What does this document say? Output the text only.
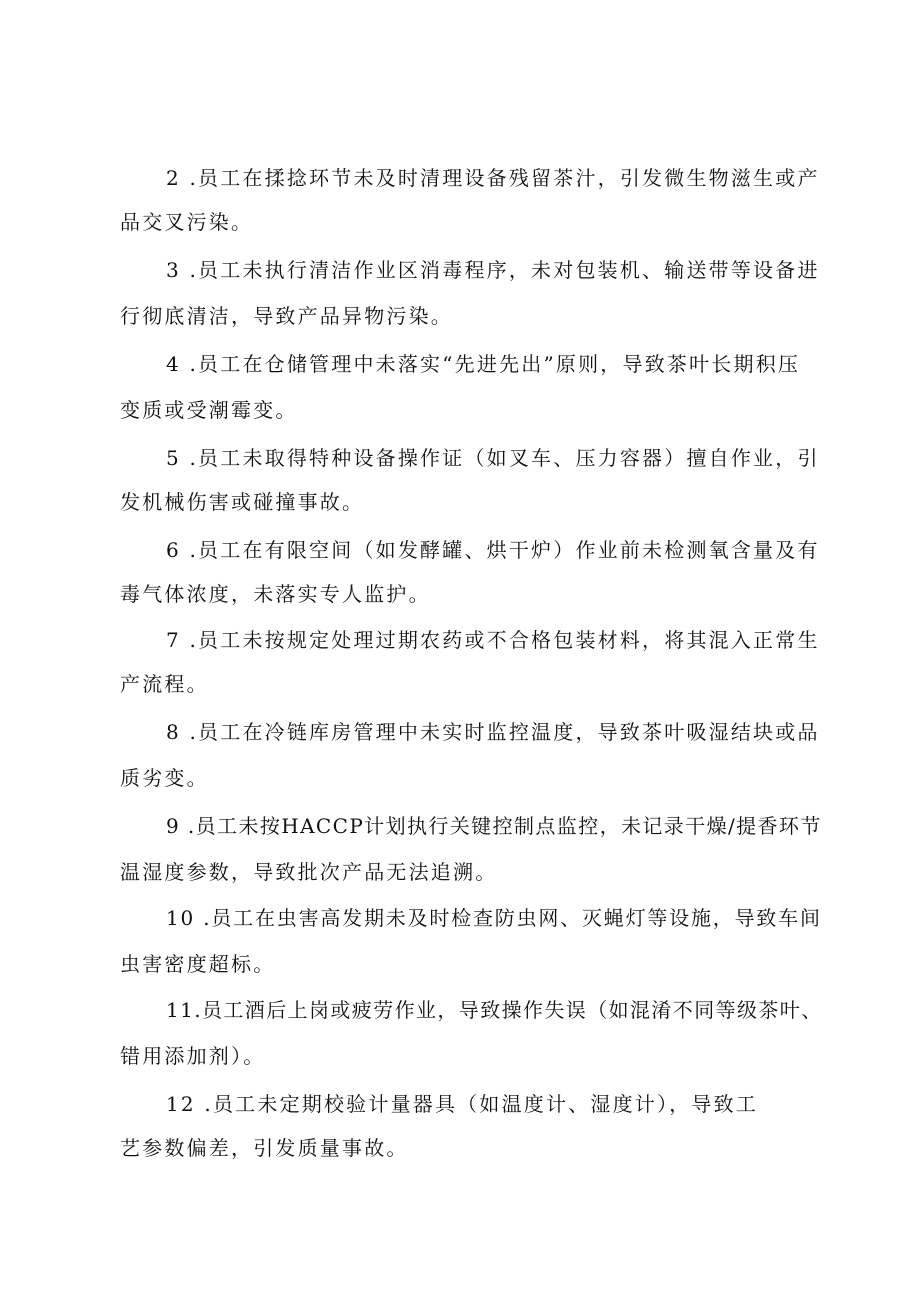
2 .员工在揉捻环节未及时清理设备残留茶汁，引发微生物滋生或产
品交叉污染。
3 .员工未执行清洁作业区消毒程序，未对包装机、输送带等设备进
行彻底清洁，导致产品异物污染。
4 .员工在仓储管理中未落实“先进先出”原则，导致茶叶长期积压
变质或受潮霉变。
5 .员工未取得特种设备操作证（如叉车、压力容器）擅自作业，引
发机械伤害或碰撞事故。
6 .员工在有限空间（如发酵罐、烘干炉）作业前未检测氧含量及有
毒气体浓度，未落实专人监护。
7 .员工未按规定处理过期农药或不合格包装材料，将其混入正常生
产流程。
8 .员工在冷链库房管理中未实时监控温度，导致茶叶吸湿结块或品
质劣变。
9 .员工未按HACCP计划执行关键控制点监控，未记录干燥/提香环节
温湿度参数，导致批次产品无法追溯。
10 .员工在虫害高发期未及时检查防虫网、灭蝇灯等设施，导致车间
虫害密度超标。
11.员工酒后上岗或疲劳作业，导致操作失误（如混淆不同等级茶叶、
错用添加剂）。
12 .员工未定期校验计量器具（如温度计、湿度计），导致工
艺参数偏差，引发质量事故。
